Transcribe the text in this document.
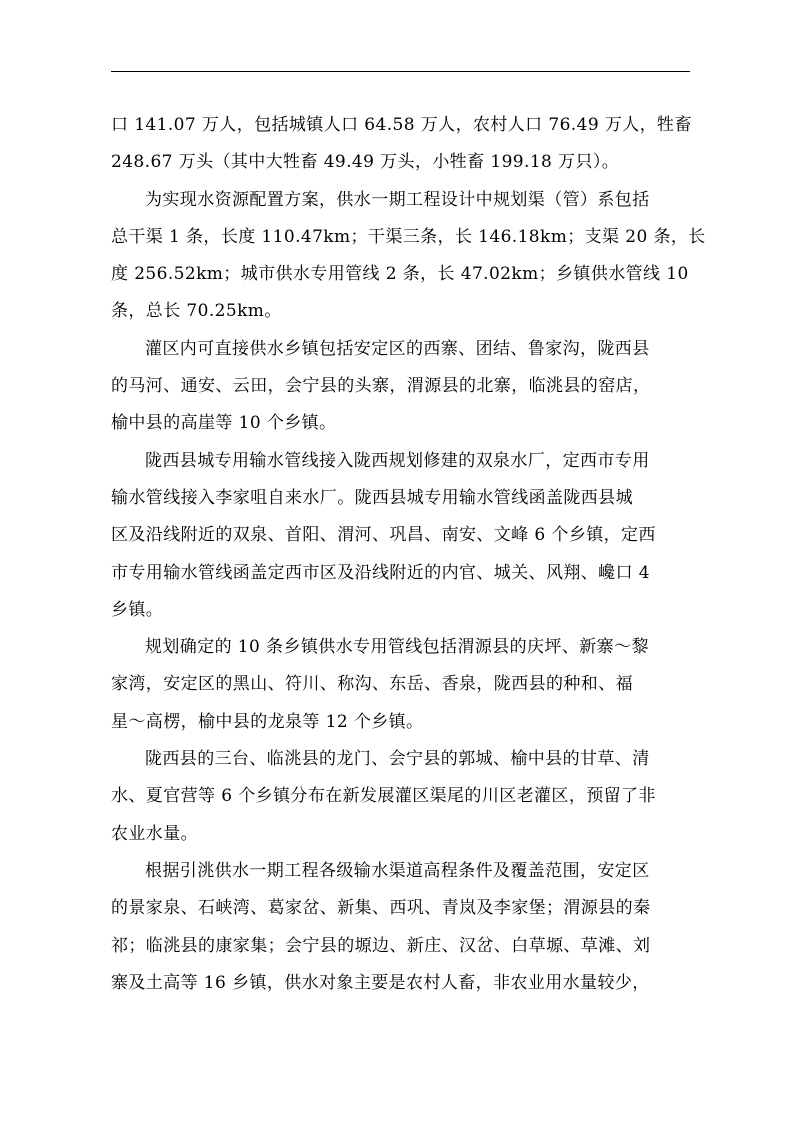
口 141.07 万人，包括城镇人口 64.58 万人，农村人口 76.49 万人，牲畜
248.67 万头（其中大牲畜 49.49 万头，小牲畜 199.18 万只）。
为实现水资源配置方案，供水一期工程设计中规划渠（管）系包括
总干渠 1 条，长度 110.47km；干渠三条，长 146.18km；支渠 20 条，长
度 256.52km；城市供水专用管线 2 条，长 47.02km；乡镇供水管线 10
条，总长 70.25km。
灌区内可直接供水乡镇包括安定区的西寨、团结、鲁家沟，陇西县
的马河、通安、云田，会宁县的头寨，渭源县的北寨，临洮县的窑店，
榆中县的高崖等 10 个乡镇。
陇西县城专用输水管线接入陇西规划修建的双泉水厂，定西市专用
输水管线接入李家咀自来水厂。陇西县城专用输水管线函盖陇西县城
区及沿线附近的双泉、首阳、渭河、巩昌、南安、文峰 6 个乡镇，定西
市专用输水管线函盖定西市区及沿线附近的内官、城关、风翔、巉口 4
乡镇。
规划确定的 10 条乡镇供水专用管线包括渭源县的庆坪、新寨～黎
家湾，安定区的黑山、符川、称沟、东岳、香泉，陇西县的种和、福
星～高楞，榆中县的龙泉等 12 个乡镇。
陇西县的三台、临洮县的龙门、会宁县的郭城、榆中县的甘草、清
水、夏官营等 6 个乡镇分布在新发展灌区渠尾的川区老灌区，预留了非
农业水量。
根据引洮供水一期工程各级输水渠道高程条件及覆盖范围，安定区
的景家泉、石峡湾、葛家岔、新集、西巩、青岚及李家堡；渭源县的秦
祁；临洮县的康家集；会宁县的塬边、新庄、汉岔、白草塬、草滩、刘
寨及土高等 16 乡镇，供水对象主要是农村人畜，非农业用水量较少，
